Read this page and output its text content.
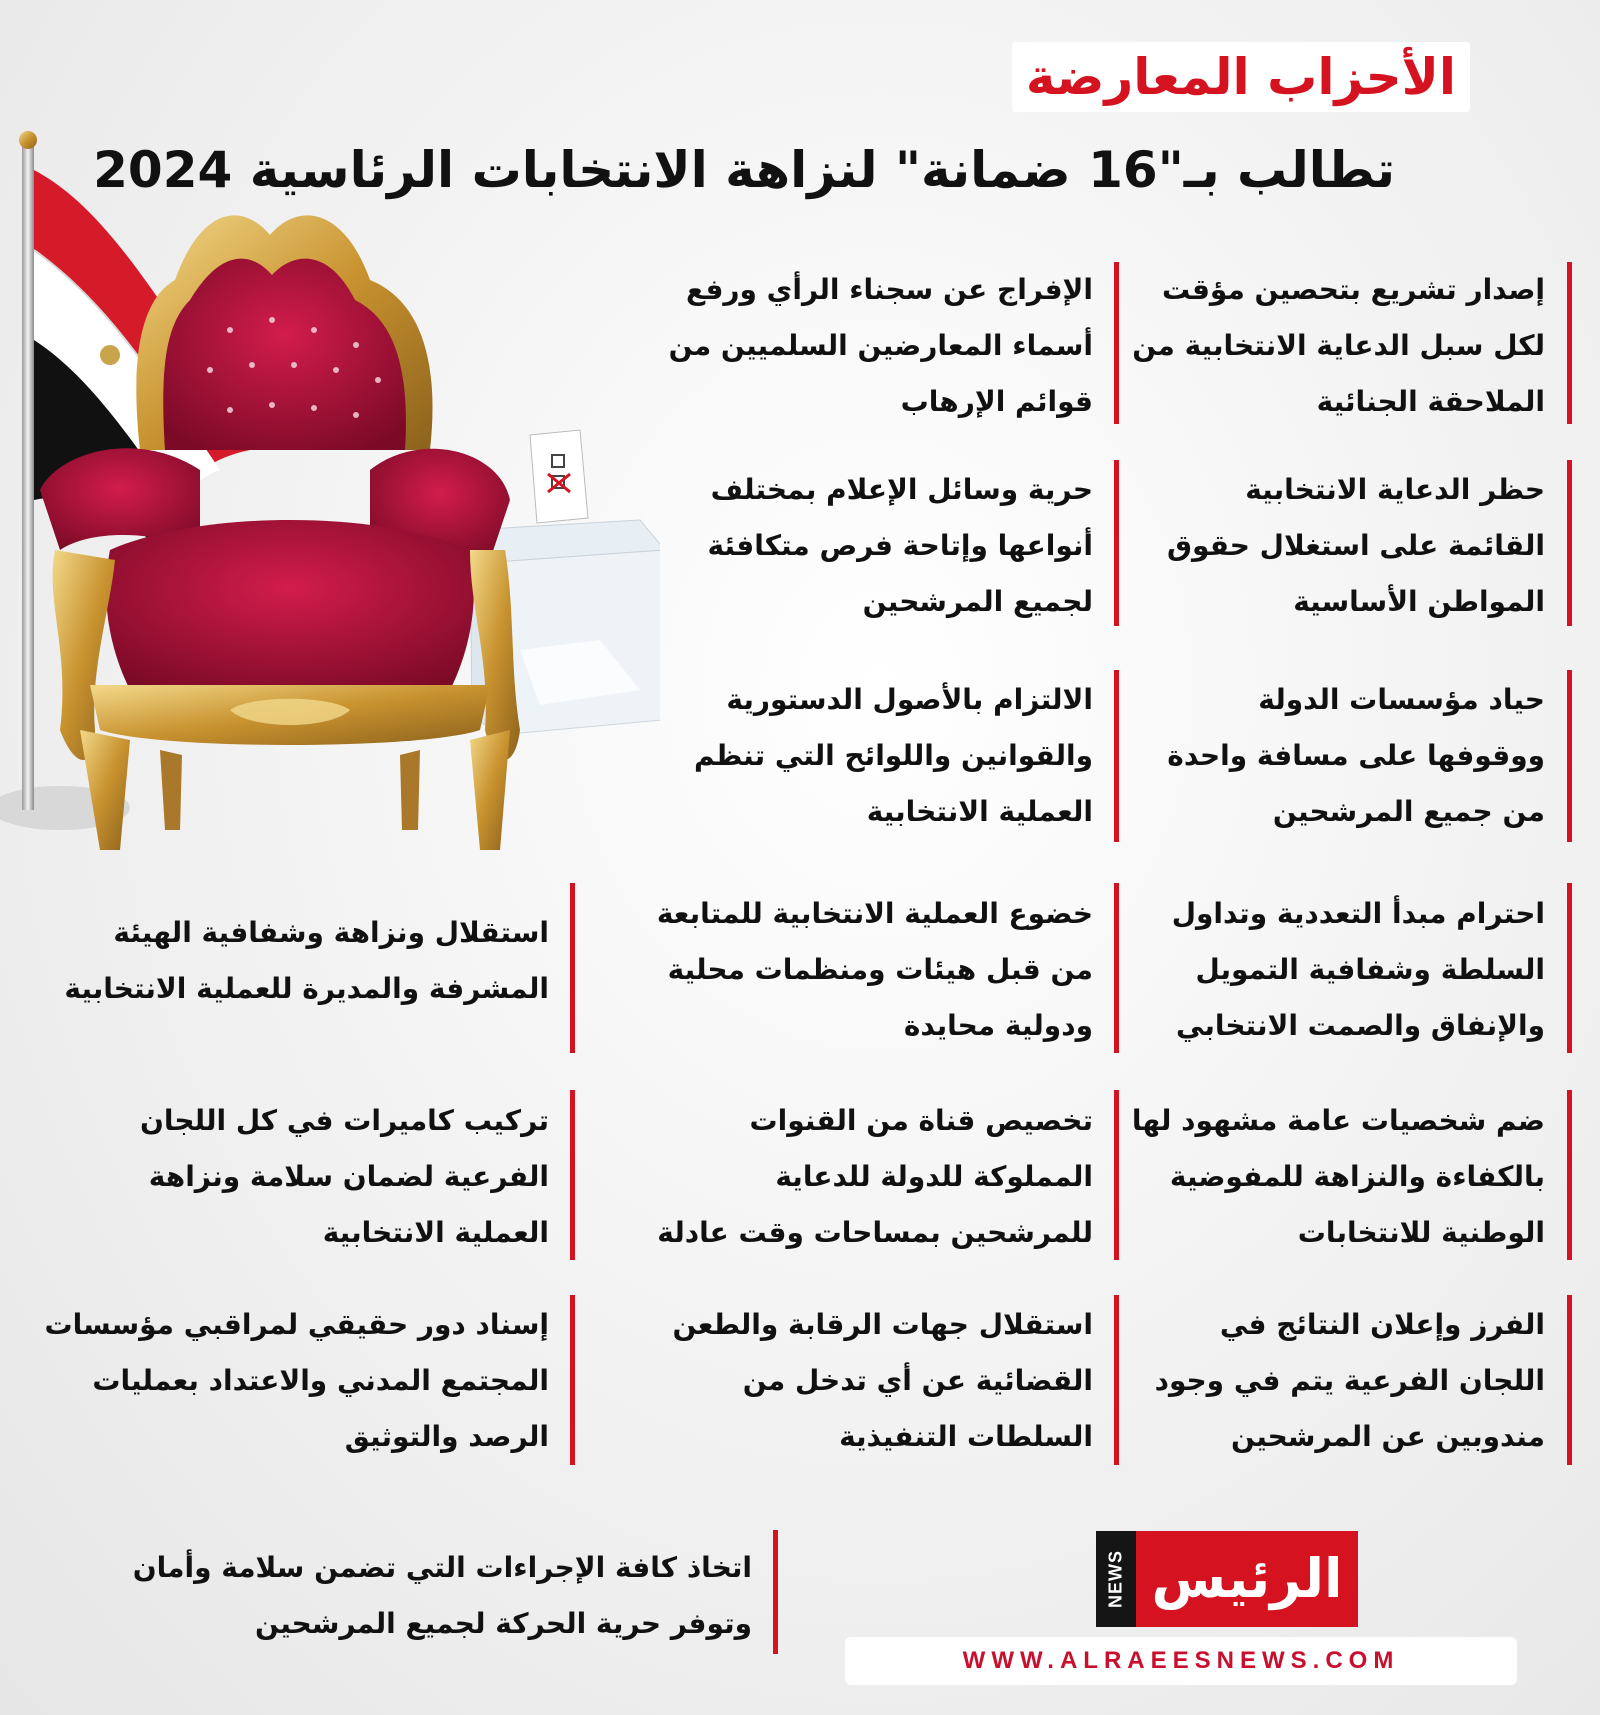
الأحزاب المعارضة
تطالب بـ"16 ضمانة" لنزاهة الانتخابات الرئاسية 2024
إصدار تشريع بتحصين مؤقت لكل سبل الدعاية الانتخابية من الملاحقة الجنائية
الإفراج عن سجناء الرأي ورفع أسماء المعارضين السلميين من قوائم الإرهاب
حظر الدعاية الانتخابية القائمة على استغلال حقوق المواطن الأساسية
حرية وسائل الإعلام بمختلف أنواعها وإتاحة فرص متكافئة لجميع المرشحين
حياد مؤسسات الدولة ووقوفها على مسافة واحدة من جميع المرشحين
الالتزام بالأصول الدستورية والقوانين واللوائح التي تنظم العملية الانتخابية
احترام مبدأ التعددية وتداول السلطة وشفافية التمويل والإنفاق والصمت الانتخابي
خضوع العملية الانتخابية للمتابعة من قبل هيئات ومنظمات محلية ودولية محايدة
استقلال ونزاهة وشفافية الهيئة المشرفة والمديرة للعملية الانتخابية
ضم شخصيات عامة مشهود لها بالكفاءة والنزاهة للمفوضية الوطنية للانتخابات
تخصيص قناة من القنوات المملوكة للدولة للدعاية للمرشحين بمساحات وقت عادلة
تركيب كاميرات في كل اللجان الفرعية لضمان سلامة ونزاهة العملية الانتخابية
الفرز وإعلان النتائج في اللجان الفرعية يتم في وجود مندوبين عن المرشحين
استقلال جهات الرقابة والطعن القضائية عن أي تدخل من السلطات التنفيذية
إسناد دور حقيقي لمراقبي مؤسسات المجتمع المدني والاعتداد بعمليات الرصد والتوثيق
اتخاذ كافة الإجراءات التي تضمن سلامة وأمان وتوفر حرية الحركة لجميع المرشحين
WWW.ALRAEESNEWS.COM
NEWS الرئيس
